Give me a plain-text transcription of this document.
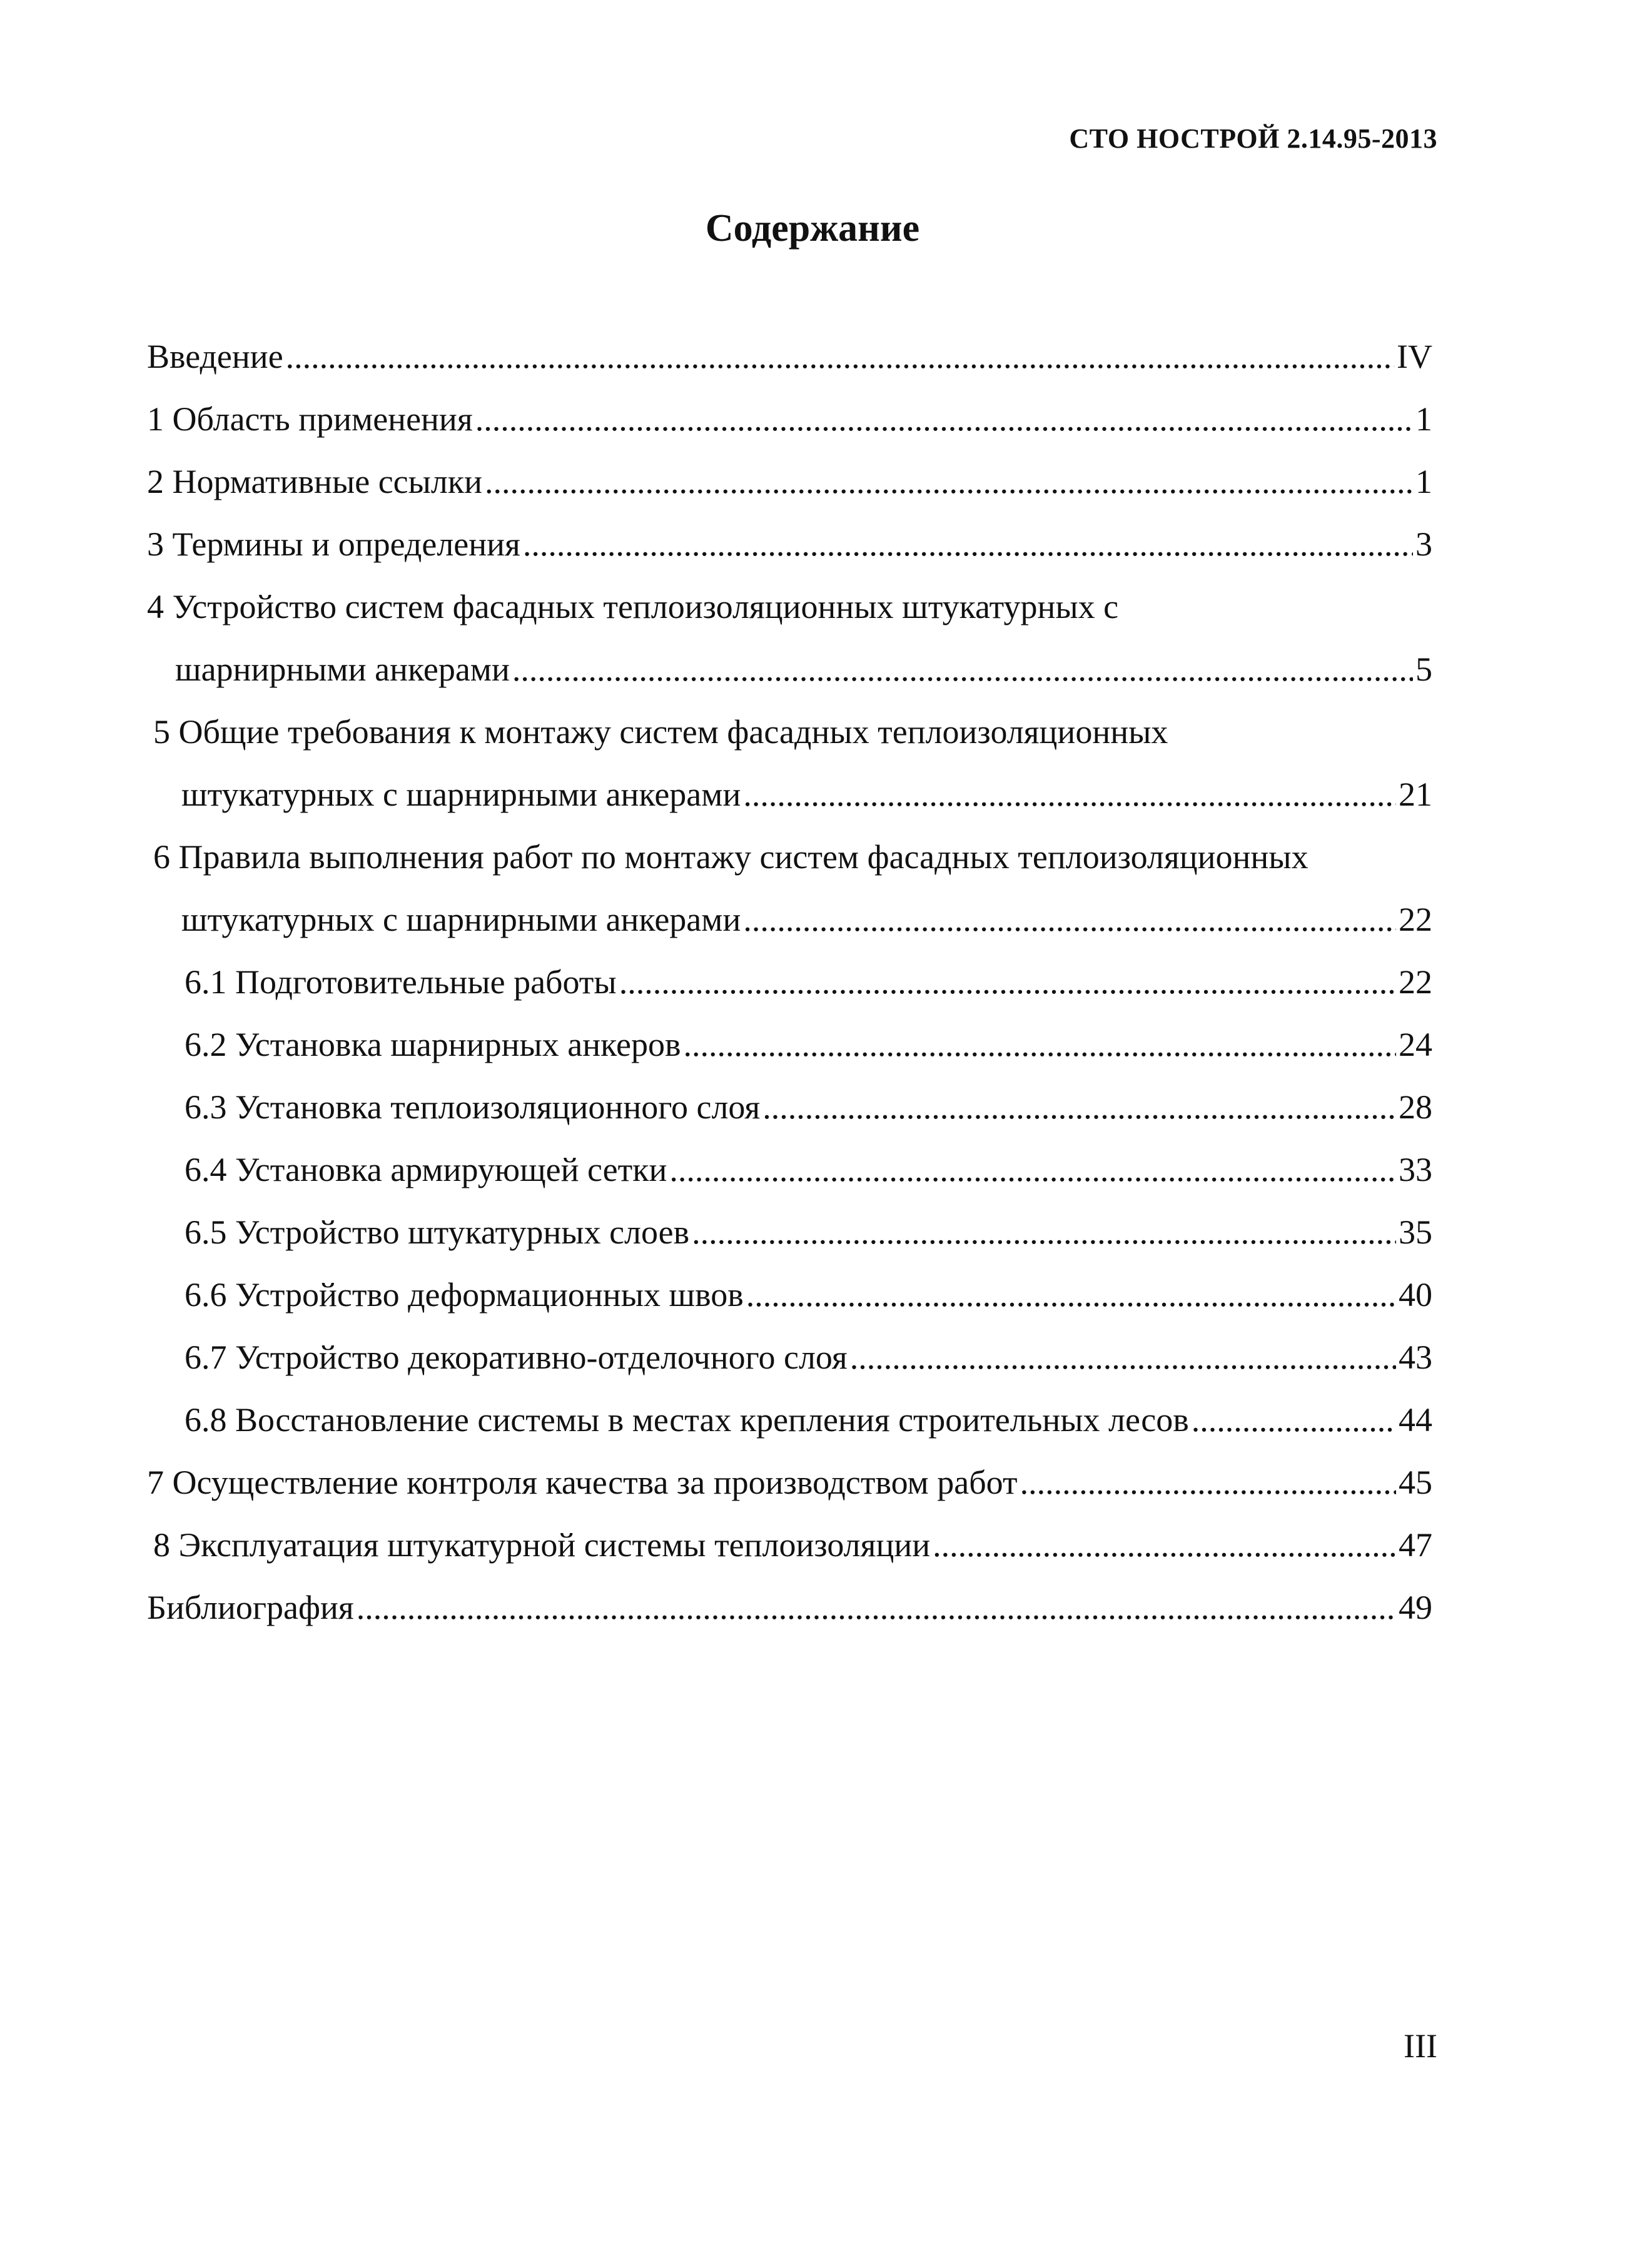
СТО НОСТРОЙ 2.14.95-2013
Содержание
Введение .....	IV
1 Область применения .....	1
2 Нормативные ссылки .....	1
3 Термины и определения .....	3
4 Устройство систем фасадных теплоизоляционных штукатурных с
шарнирными анкерами .....	5
5 Общие требования к монтажу систем фасадных теплоизоляционных
штукатурных с шарнирными анкерами .....	21
6 Правила выполнения работ по монтажу систем фасадных теплоизоляционных
штукатурных с шарнирными анкерами .....	22
6.1 Подготовительные работы .....	22
6.2 Установка шарнирных анкеров .....	24
6.3 Установка теплоизоляционного слоя .....	28
6.4 Установка армирующей сетки .....	33
6.5 Устройство штукатурных слоев .....	35
6.6 Устройство деформационных швов .....	40
6.7 Устройство декоративно-отделочного слоя .....	43
6.8 Восстановление системы в местах крепления строительных лесов .....	44
7 Осуществление контроля качества за производством работ .....	45
8 Эксплуатация штукатурной системы теплоизоляции .....	47
Библиография .....	49
III
